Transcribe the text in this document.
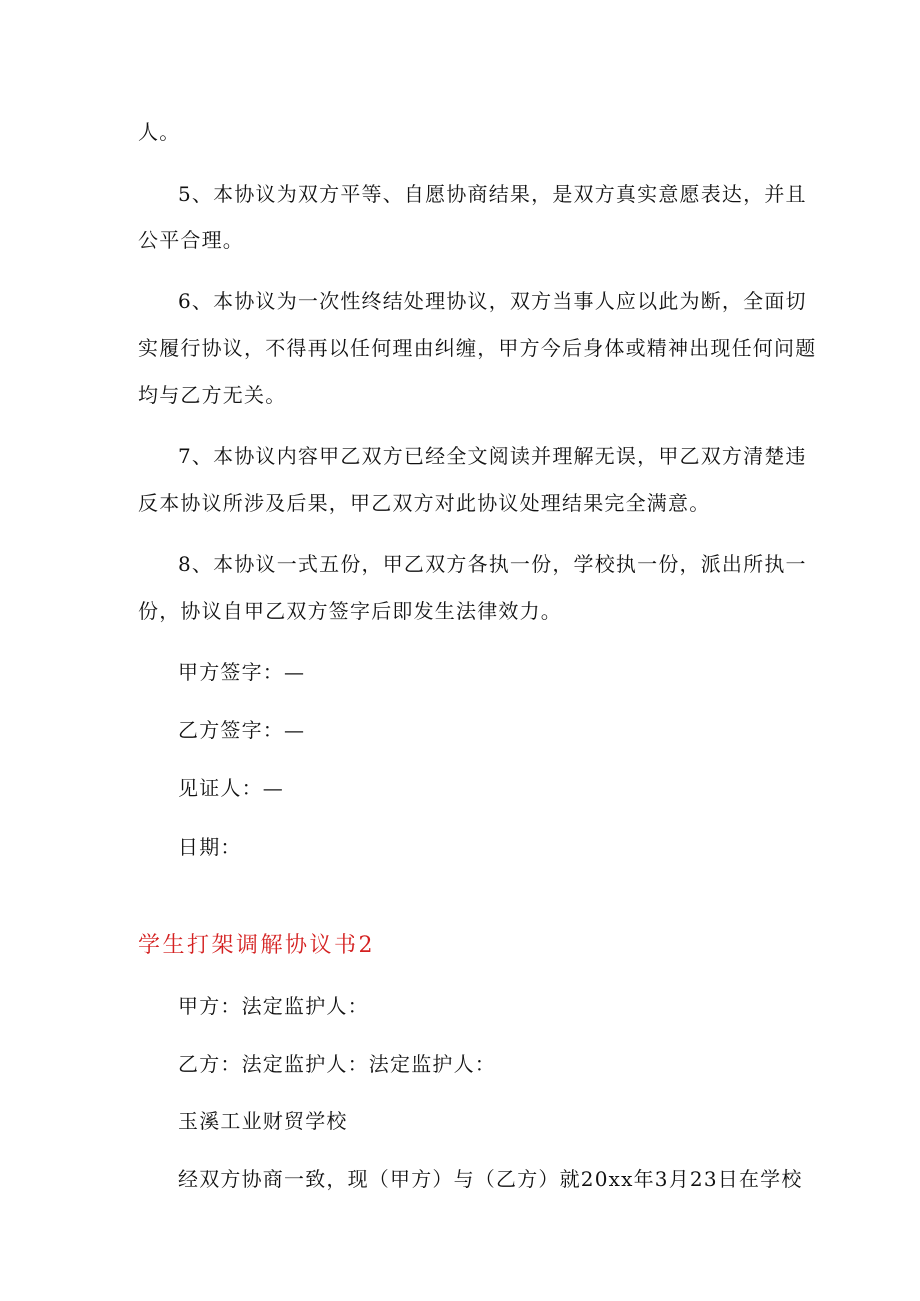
人。
5、本协议为双方平等、自愿协商结果，是双方真实意愿表达，并且
公平合理。
6、本协议为一次性终结处理协议，双方当事人应以此为断，全面切
实履行协议，不得再以任何理由纠缠，甲方今后身体或精神出现任何问题
均与乙方无关。
7、本协议内容甲乙双方已经全文阅读并理解无误，甲乙双方清楚违
反本协议所涉及后果，甲乙双方对此协议处理结果完全满意。
8、本协议一式五份，甲乙双方各执一份，学校执一份，派出所执一
份，协议自甲乙双方签字后即发生法律效力。
甲方签字：—
乙方签字：—
见证人：—
日期：
学生打架调解协议书2
甲方：法定监护人：
乙方：法定监护人：法定监护人：
玉溪工业财贸学校
经双方协商一致，现（甲方）与（乙方）就20xx年3月23日在学校
